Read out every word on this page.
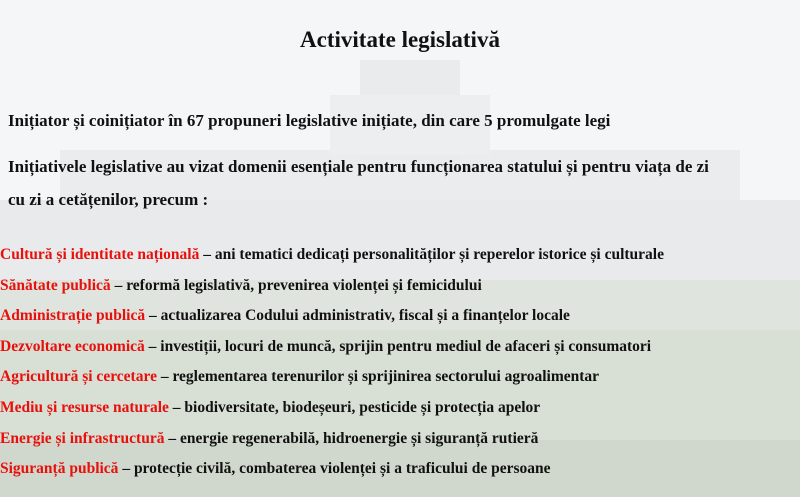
Activitate legislativă
Inițiator și coinițiator în 67 propuneri legislative inițiate, din care 5 promulgate legi
Inițiativele legislative au vizat domenii esențiale pentru funcționarea statului și pentru viața de zi
cu zi a cetățenilor, precum :
Cultură și identitate națională – ani tematici dedicați personalităților și reperelor istorice și culturale
Sănătate publică – reformă legislativă, prevenirea violenței și femicidului
Administrație publică – actualizarea Codului administrativ, fiscal și a finanțelor locale
Dezvoltare economică – investiții, locuri de muncă, sprijin pentru mediul de afaceri și consumatori
Agricultură și cercetare – reglementarea terenurilor și sprijinirea sectorului agroalimentar
Mediu și resurse naturale – biodiversitate, biodeșeuri, pesticide și protecția apelor
Energie și infrastructură – energie regenerabilă, hidroenergie și siguranță rutieră
Siguranță publică – protecție civilă, combaterea violenței și a traficului de persoane
